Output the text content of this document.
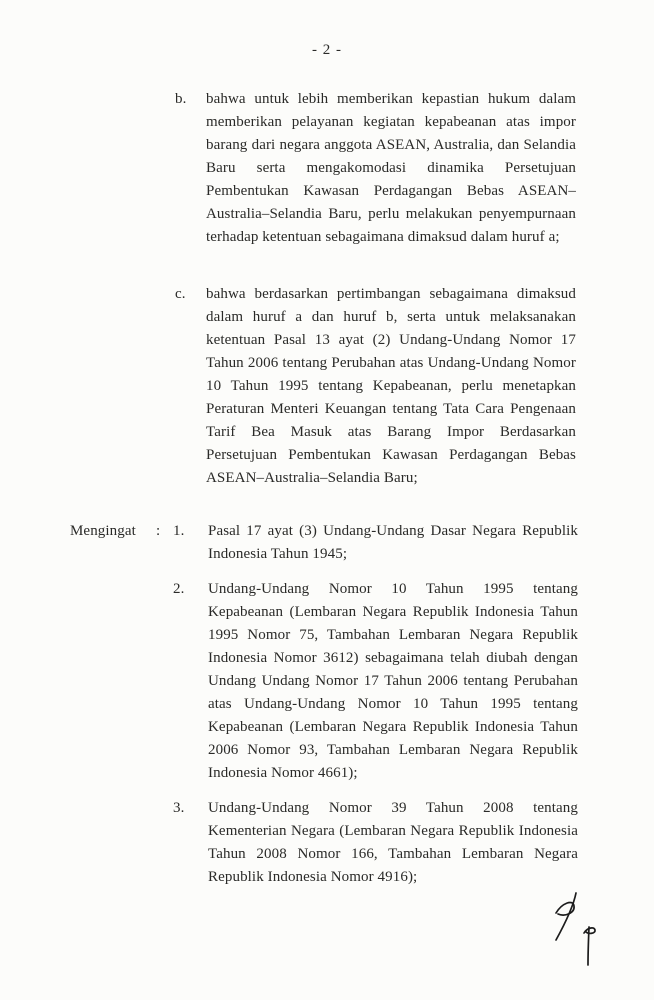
- 2 -
b.	bahwa untuk lebih memberikan kepastian hukum dalam memberikan pelayanan kegiatan kepabeanan atas impor barang dari negara anggota ASEAN, Australia, dan Selandia Baru serta mengakomodasi dinamika Persetujuan Pembentukan Kawasan Perdagangan Bebas ASEAN–Australia–Selandia Baru, perlu melakukan penyempurnaan terhadap ketentuan sebagaimana dimaksud dalam huruf a;
c.	bahwa berdasarkan pertimbangan sebagaimana dimaksud dalam huruf a dan huruf b, serta untuk melaksanakan ketentuan Pasal 13 ayat (2) Undang-Undang Nomor 17 Tahun 2006 tentang Perubahan atas Undang-Undang Nomor 10 Tahun 1995 tentang Kepabeanan, perlu menetapkan Peraturan Menteri Keuangan tentang Tata Cara Pengenaan Tarif Bea Masuk atas Barang Impor Berdasarkan Persetujuan Pembentukan Kawasan Perdagangan Bebas ASEAN–Australia–Selandia Baru;
Mengingat	: 1.	Pasal 17 ayat (3) Undang-Undang Dasar Negara Republik Indonesia Tahun 1945;
2.	Undang-Undang Nomor 10 Tahun 1995 tentang Kepabeanan (Lembaran Negara Republik Indonesia Tahun 1995 Nomor 75, Tambahan Lembaran Negara Republik Indonesia Nomor 3612) sebagaimana telah diubah dengan Undang Undang Nomor 17 Tahun 2006 tentang Perubahan atas Undang-Undang Nomor 10 Tahun 1995 tentang Kepabeanan (Lembaran Negara Republik Indonesia Tahun 2006 Nomor 93, Tambahan Lembaran Negara Republik Indonesia Nomor 4661);
3.	Undang-Undang Nomor 39 Tahun 2008 tentang Kementerian Negara (Lembaran Negara Republik Indonesia Tahun 2008 Nomor 166, Tambahan Lembaran Negara Republik Indonesia Nomor 4916);
